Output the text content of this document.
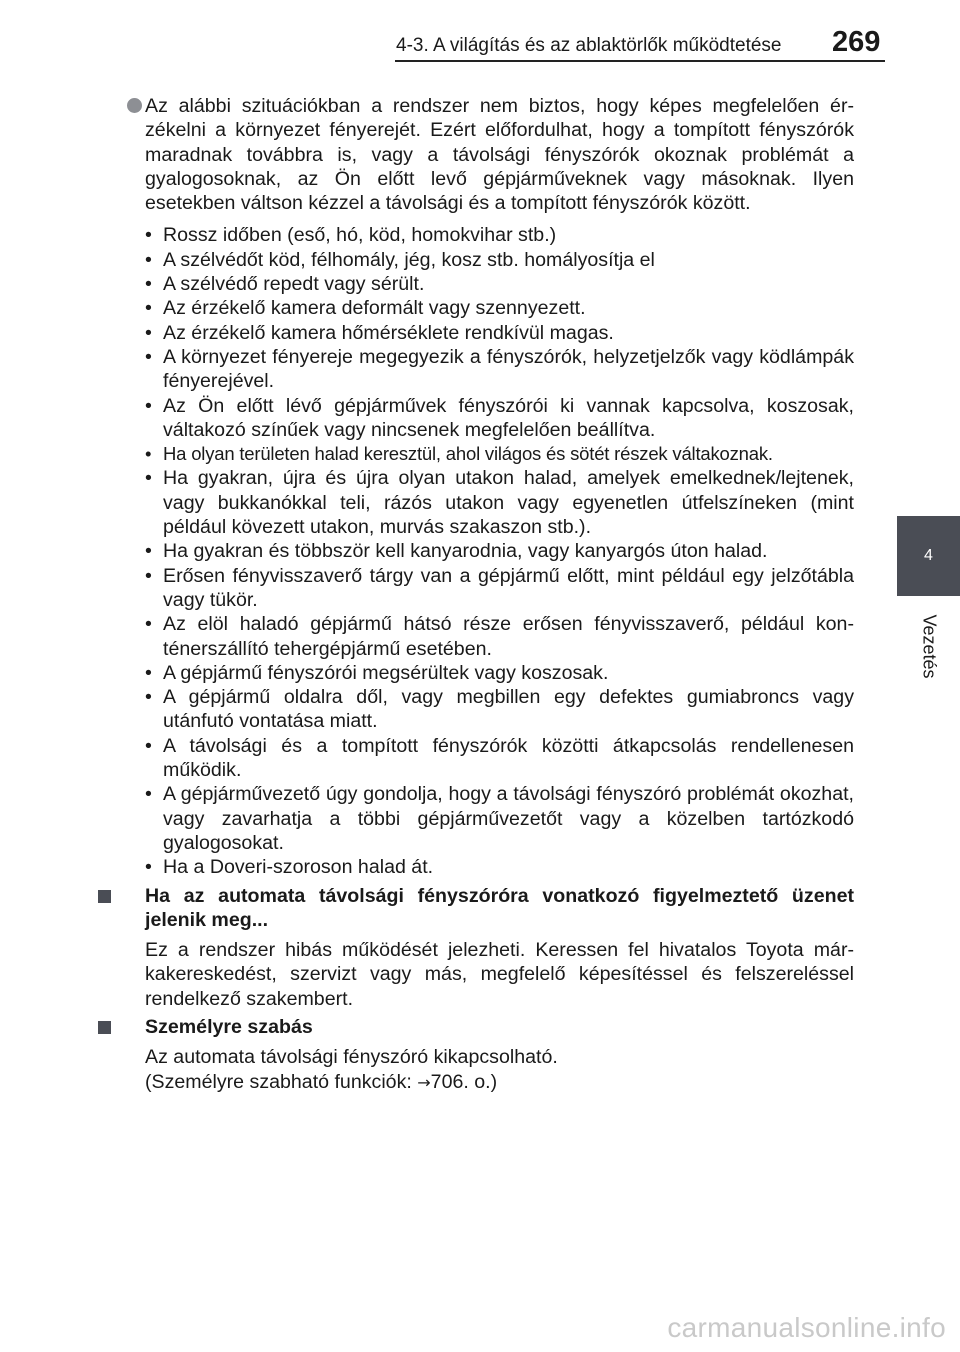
4-3. A világítás és az ablaktörlők működtetése 269
4
Vezetés
Az alábbi szituációkban a rendszer nem biztos, hogy képes megfelelően érzékelni a környezet fényerejét. Ezért előfordulhat, hogy a tompított fényszórók maradnak továbbra is, vagy a távolsági fényszórók okoznak problémát a gyalogosoknak, az Ön előtt levő gépjárműveknek vagy másoknak. Ilyen esetekben váltson kézzel a távolsági és a tompított fényszórók között.
• Rossz időben (eső, hó, köd, homokvihar stb.)
• A szélvédőt köd, félhomály, jég, kosz stb. homályosítja el
• A szélvédő repedt vagy sérült.
• Az érzékelő kamera deformált vagy szennyezett.
• Az érzékelő kamera hőmérséklete rendkívül magas.
• A környezet fényereje megegyezik a fényszórók, helyzetjelzők vagy ködlámpák fényerejével.
• Az Ön előtt lévő gépjárművek fényszórói ki vannak kapcsolva, koszosak, váltakozó színűek vagy nincsenek megfelelően beállítva.
• Ha olyan területen halad keresztül, ahol világos és sötét részek váltakoznak.
• Ha gyakran, újra és újra olyan utakon halad, amelyek emelkednek/lejtenek, vagy bukkanókkal teli, rázós utakon vagy egyenetlen útfelszíneken (mint például kövezett utakon, murvás szakaszon stb.).
• Ha gyakran és többször kell kanyarodnia, vagy kanyargós úton halad.
• Erősen fényvisszaverő tárgy van a gépjármű előtt, mint például egy jelzőtábla vagy tükör.
• Az elöl haladó gépjármű hátsó része erősen fényvisszaverő, például konténerszállító tehergépjármű esetében.
• A gépjármű fényszórói megsérültek vagy koszosak.
• A gépjármű oldalra dől, vagy megbillen egy defektes gumiabroncs vagy utánfutó vontatása miatt.
• A távolsági és a tompított fényszórók közötti átkapcsolás rendellenesen működik.
• A gépjárművezető úgy gondolja, hogy a távolsági fényszóró problémát okozhat, vagy zavarhatja a többi gépjárművezetőt vagy a közelben tartózkodó gyalogosokat.
• Ha a Doveri-szoroson halad át.
Ha az automata távolsági fényszóróra vonatkozó figyelmeztető üzenet jelenik meg...
Ez a rendszer hibás működését jelezheti. Keressen fel hivatalos Toyota márkakereskedést, szervizt vagy más, megfelelő képesítéssel és felszereléssel rendelkező szakembert.
Személyre szabás
Az automata távolsági fényszóró kikapcsolható.
(Személyre szabható funkciók: →706. o.)
carmanualsonline.info
